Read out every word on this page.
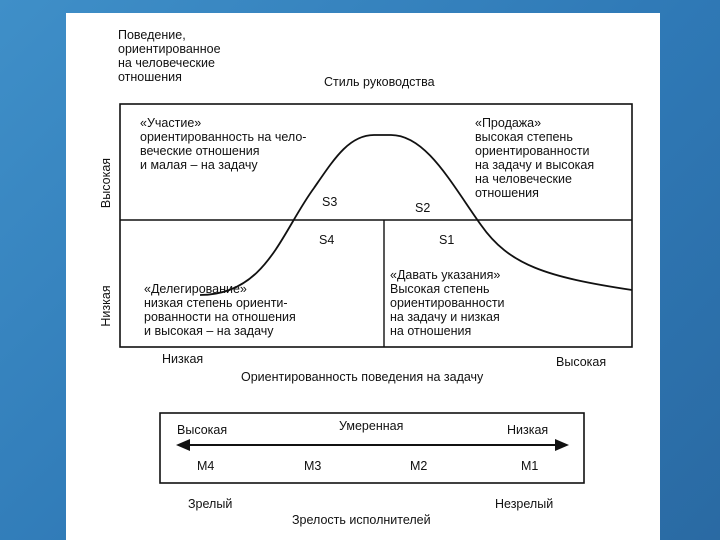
Поведение,
ориентированное
на человеческие
отношения	Стиль руководства
Высокая
Низкая
«Участие»
ориентированность на чело-
веческие отношения
и малая – на задачу
«Продажа»
высокая степень
ориентированности
на задачу и высокая
на человеческие
отношения
S3	S2
S4	S1
«Делегирование»
низкая степень ориенти-
рованности на отношения
и высокая – на задачу
«Давать указания»
Высокая степень
ориентированности
на задачу и низкая
на отношения
Низкая	Высокая
Ориентированность поведения на задачу
Высокая	Умеренная	Низкая
M4	M3	M2	M1
Зрелый	Незрелый
Зрелость исполнителей
